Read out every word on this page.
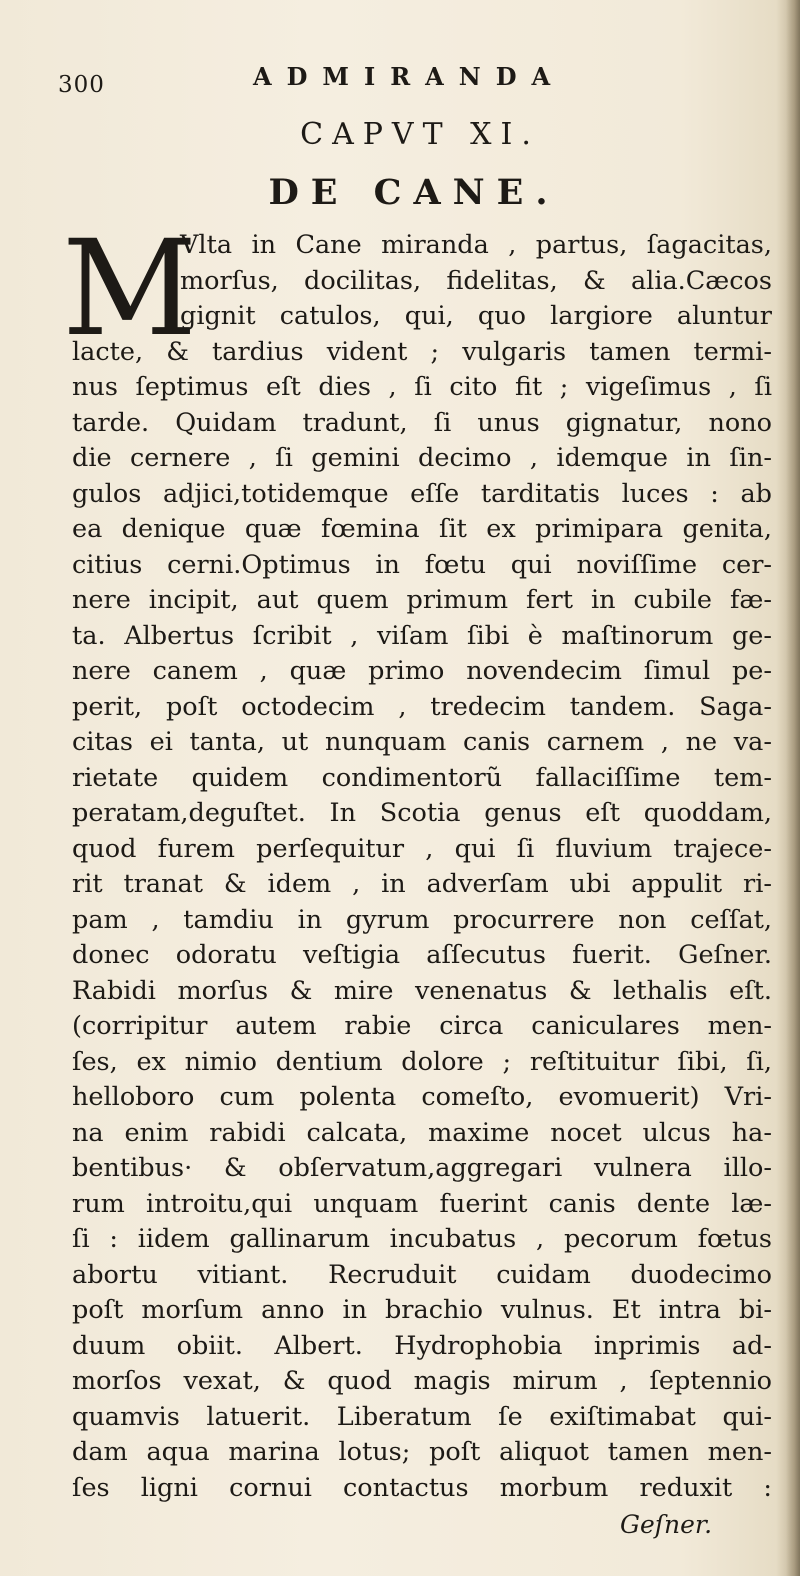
300	ADMIRANDA
CAPVT XI.
DE CANE.
M
Vlta in Cane miranda , partus, ſagacitas,
morſus, docilitas, fidelitas, & alia.Cæcos
gignit catulos, qui, quo largiore aluntur
lacte, & tardius vident ; vulgaris tamen termi-
nus ſeptimus eſt dies , ſi cito fit ; vigeſimus , ſi
tarde. Quidam tradunt, ſi unus gignatur, nono
die cernere , ſi gemini decimo , idemque in ſin-
gulos adjici,totidemque eſſe tarditatis luces : ab
ea denique quæ fœmina ſit ex primipara genita,
citius cerni.Optimus in fœtu qui noviſſime cer-
nere incipit, aut quem primum fert in cubile fæ-
ta. Albertus ſcribit , viſam ſibi è maſtinorum ge-
nere canem , quæ primo novendecim ſimul pe-
perit, poſt octodecim , tredecim tandem. Saga-
citas ei tanta, ut nunquam canis carnem , ne va-
rietate quidem condimentorũ fallaciſſime tem-
peratam,deguſtet. In Scotia genus eſt quoddam,
quod furem perſequitur , qui ſi fluvium trajece-
rit tranat & idem , in adverſam ubi appulit ri-
pam , tamdiu in gyrum procurrere non ceſſat,
donec odoratu veſtigia aſſecutus fuerit. Geſner.
Rabidi morſus & mire venenatus & lethalis eſt.
(corripitur autem rabie circa caniculares men-
ſes, ex nimio dentium dolore ; reſtituitur ſibi, ſi,
helloboro cum polenta comeſto, evomuerit) Vri-
na enim rabidi calcata, maxime nocet ulcus ha-
bentibus· & obſervatum,aggregari vulnera illo-
rum introitu,qui unquam fuerint canis dente læ-
ſi : iidem gallinarum incubatus , pecorum fœtus
abortu vitiant. Recruduit cuidam duodecimo
poſt morſum anno in brachio vulnus. Et intra bi-
duum obiit. Albert. Hydrophobia inprimis ad-
morſos vexat, & quod magis mirum , ſeptennio
quamvis latuerit. Liberatum ſe exiſtimabat qui-
dam aqua marina lotus; poſt aliquot tamen men-
ſes ligni cornui contactus morbum reduxit :
Geſner.
